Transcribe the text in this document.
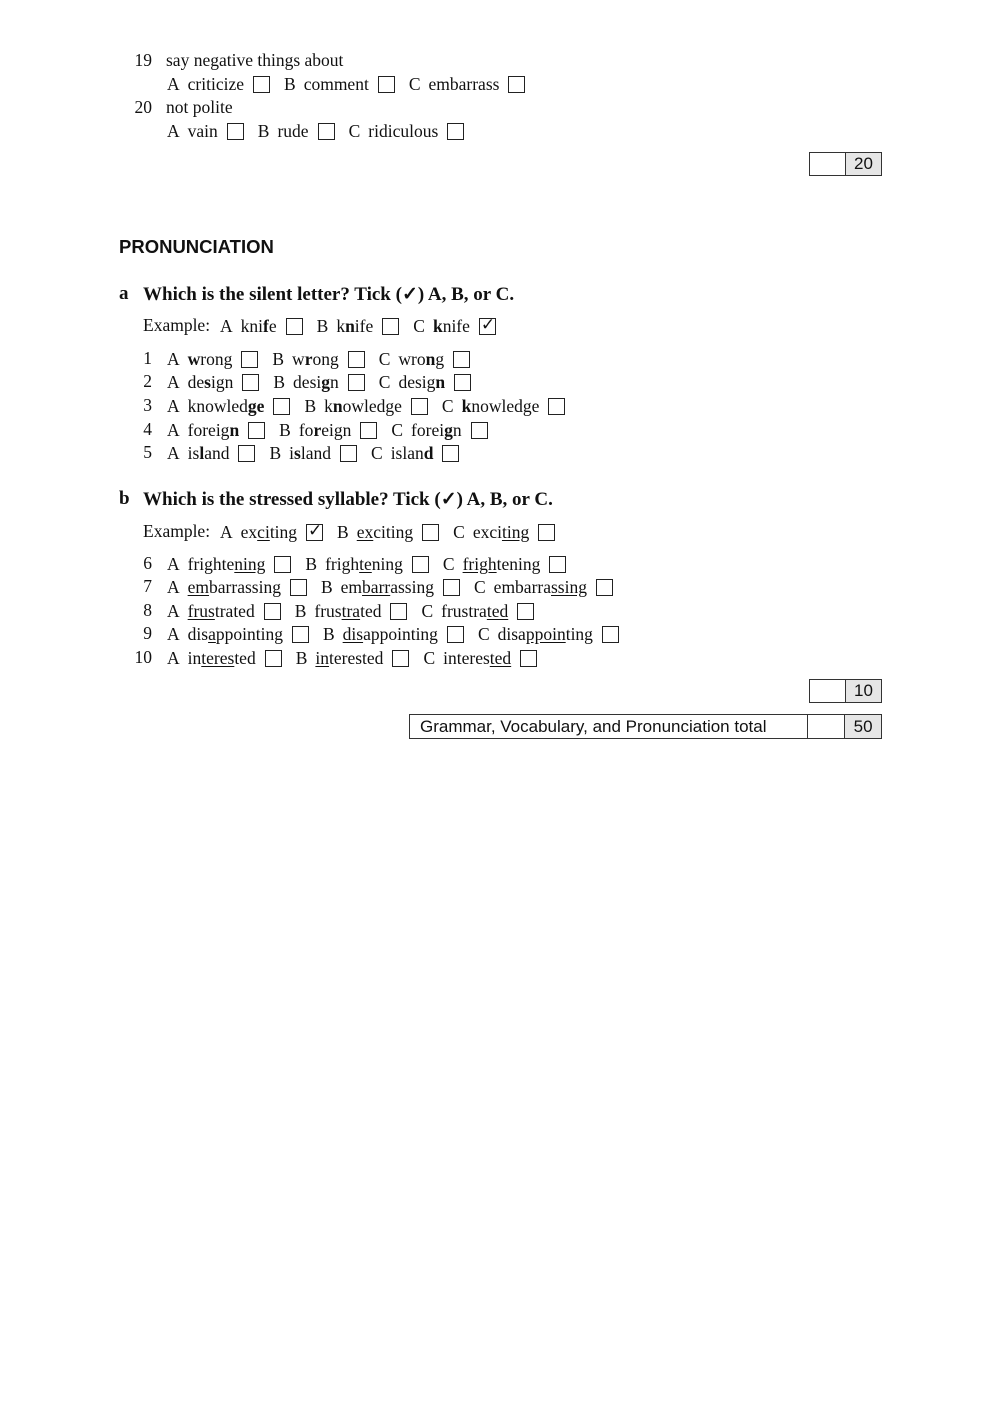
19 say negative things about
A criticize B comment C embarrass
20 not polite
A vain B rude C ridiculous
20
PRONUNCIATION
a Which is the silent letter? Tick (✓) A, B, or C.
Example: A knife B knife C knife
✓
1 A wrong B wrong C wrong
2 A design B design C design
3 A knowledge B knowledge C knowledge
4 A foreign B foreign C foreign
5 A island B island C island
b Which is the stressed syllable? Tick (✓) A, B, or C.
Example: A exciting
✓ B exciting C exciting
6 A frightening B frightening C frightening
7 A embarrassing B embarrassing C embarrassing
8 A frustrated B frustrated C frustrated
9 A disappointing B disappointing C disappointing
10 A interested B interested C interested
10
Grammar, Vocabulary, and Pronunciation total	50
